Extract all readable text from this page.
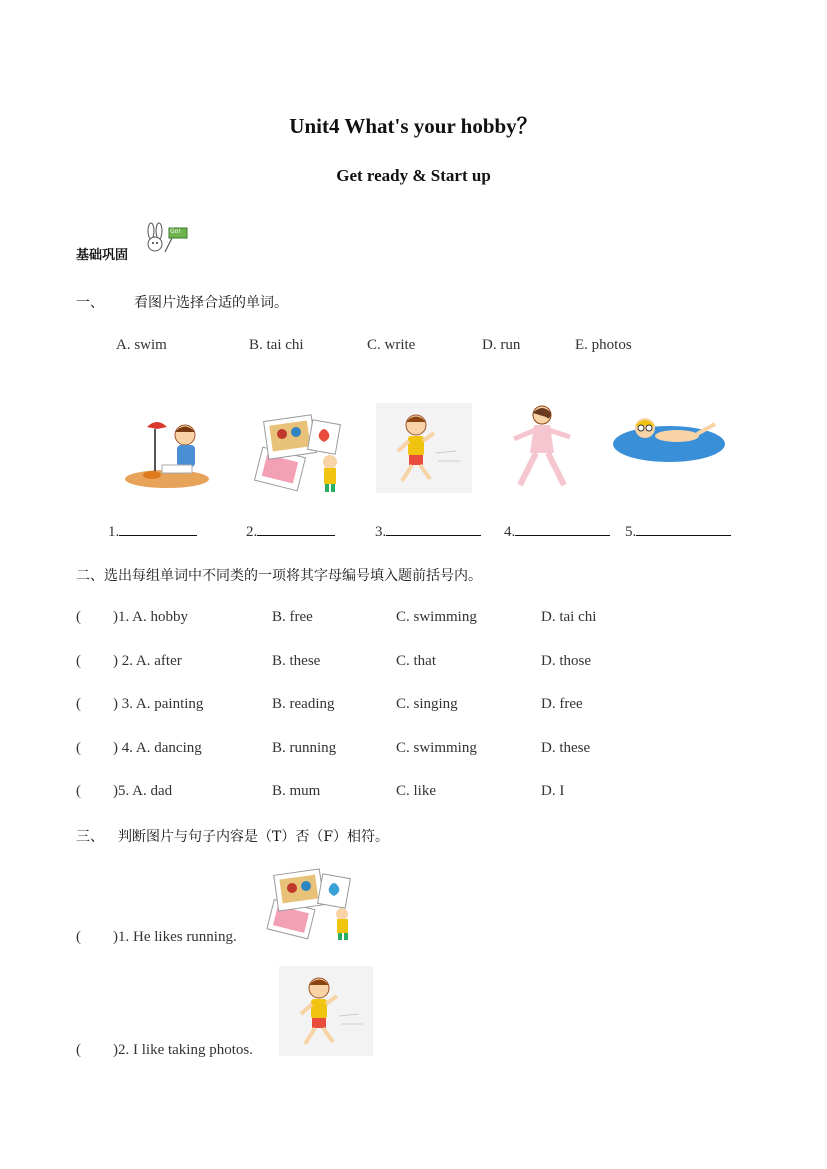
Unit4 What's your hobby？
Get ready & Start up
基础巩固
Go!
一、 看图片选择合适的单词。
A. swim	B. tai chi	C. write	D. run	E. photos
1.	2.	3.	4.	5.
二、选出每组单词中不同类的一项将其字母编号填入题前括号内。
( )1. A. hobby	B. free	C. swimming	D. tai chi
( ) 2. A. after	B. these	C. that	D. those
( ) 3. A. painting	B. reading	C. singing	D. free
( ) 4. A. dancing	B. running	C. swimming	D. these
( )5. A. dad	B. mum	C. like	D. I
三、 判断图片与句子内容是（T）否（F）相符。
( )1. He likes running.
( )2. I like taking photos.
